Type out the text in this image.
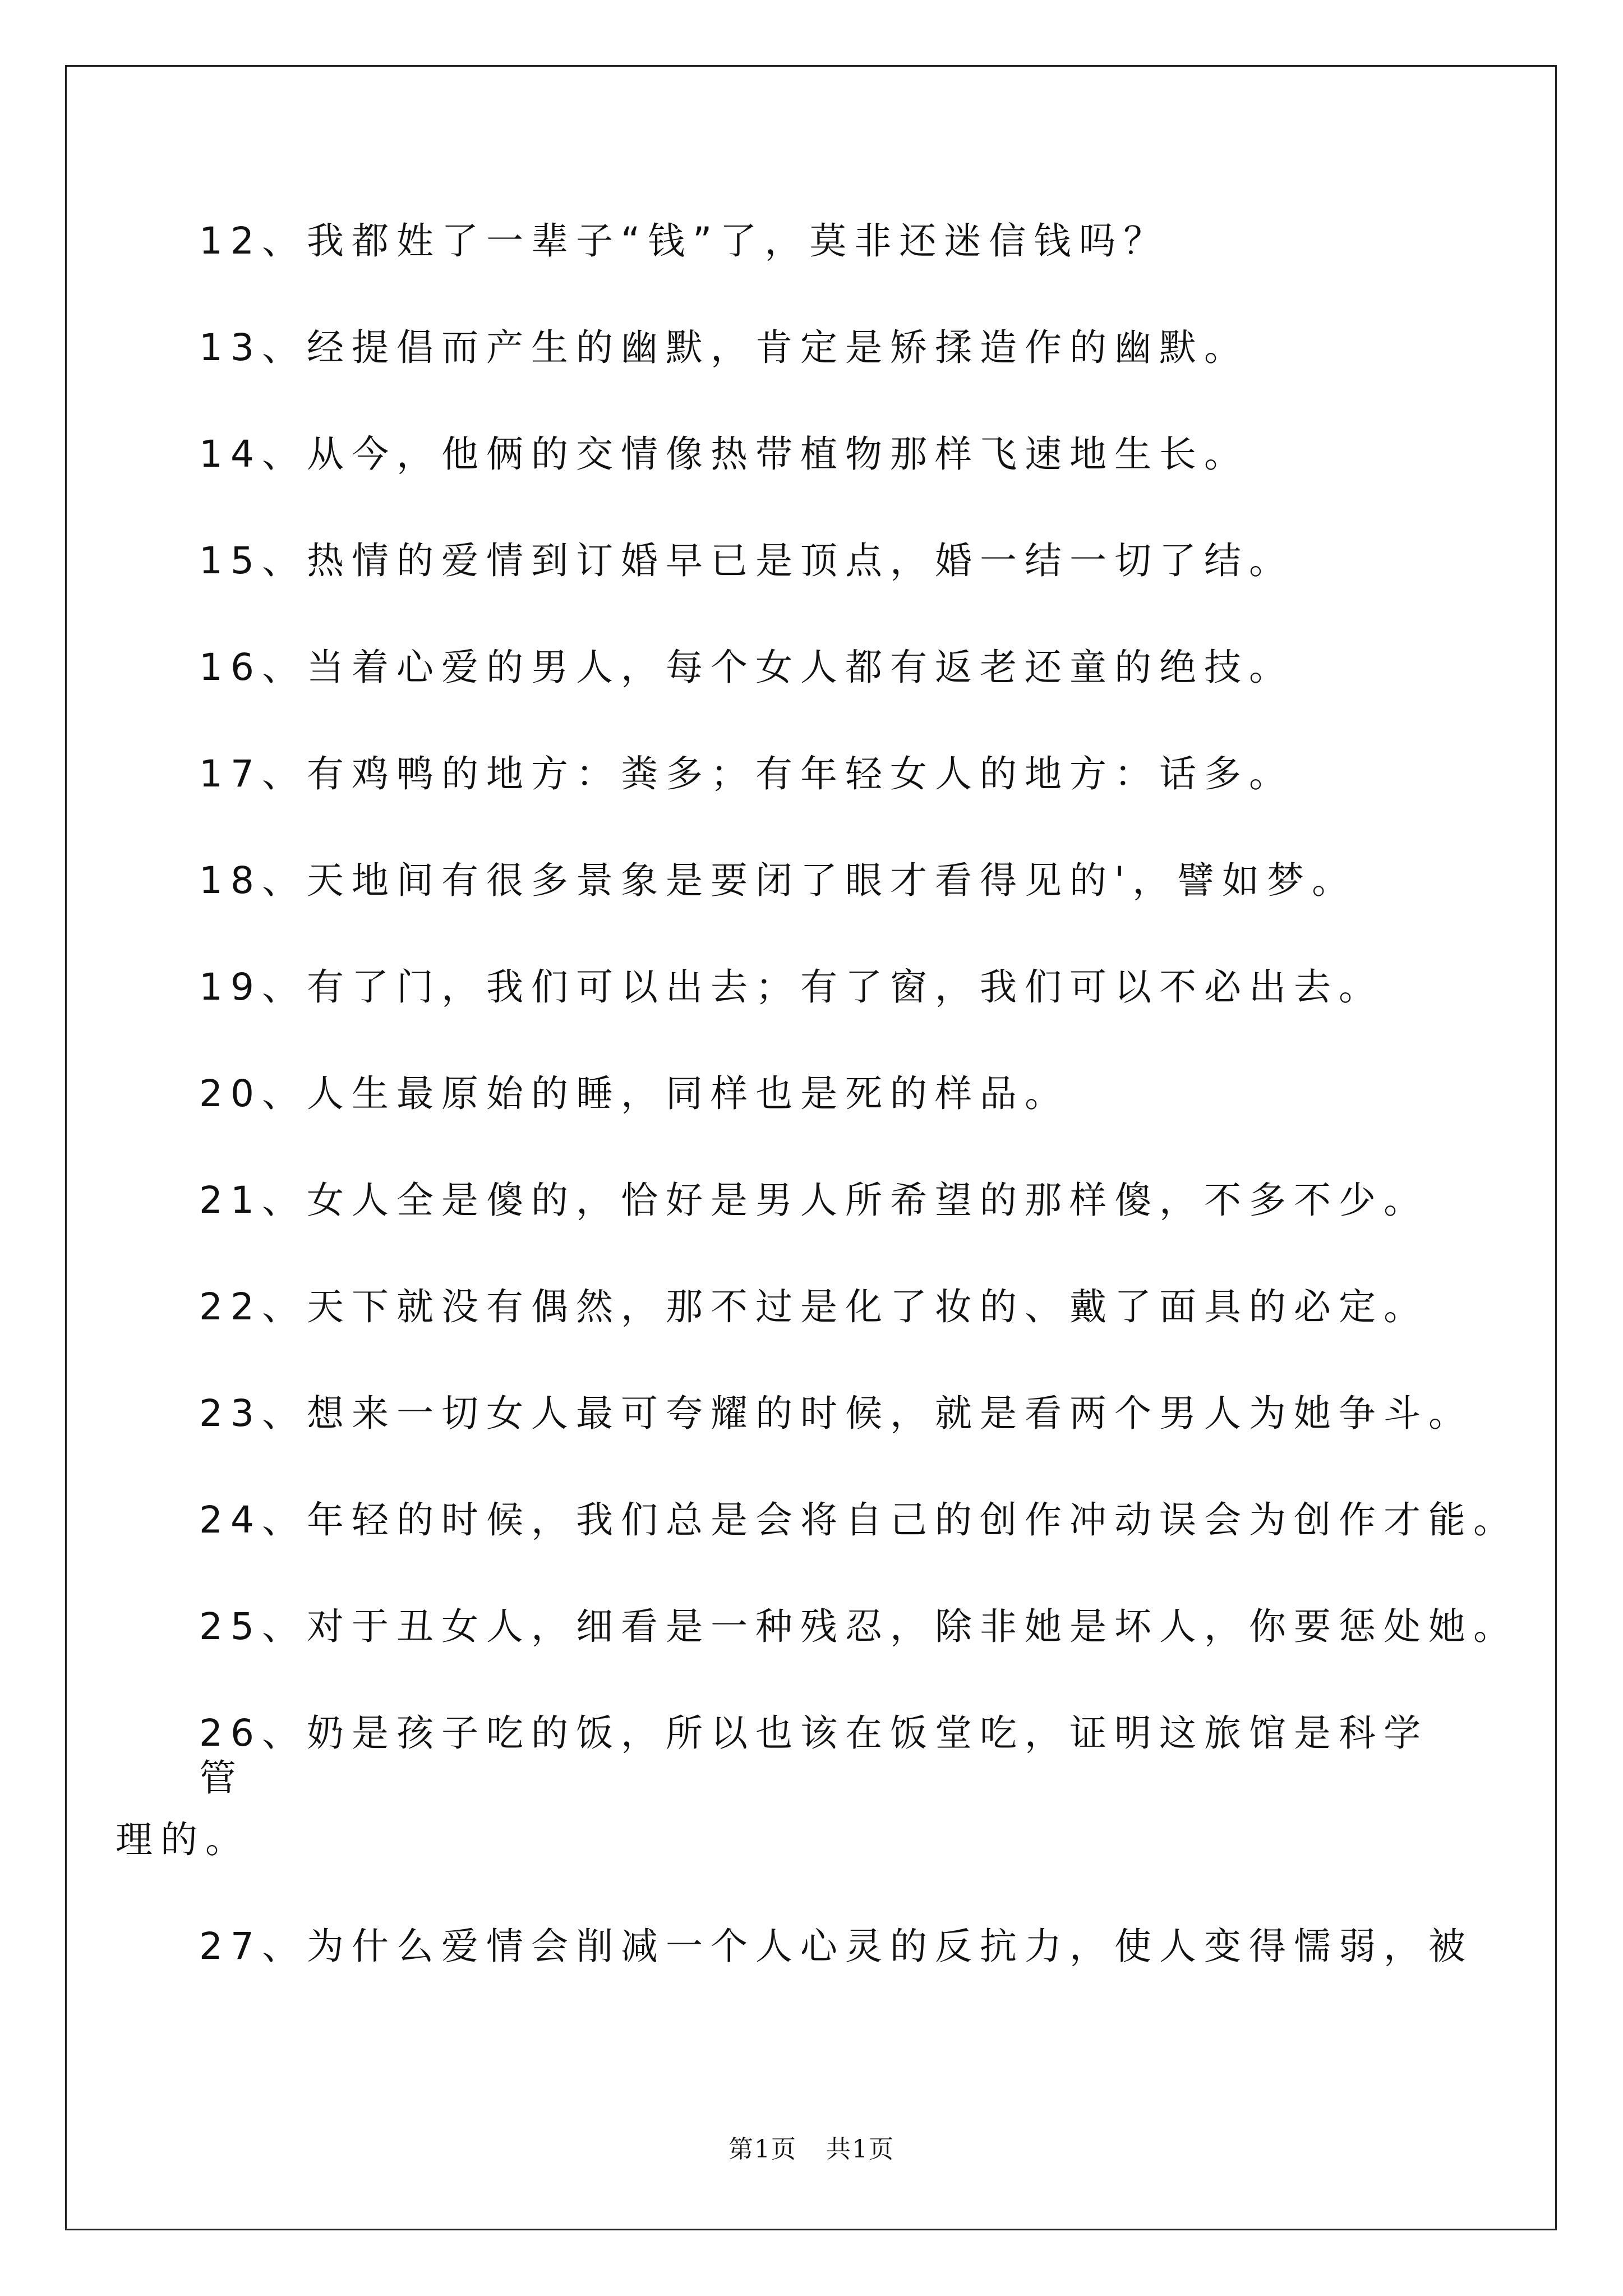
12、我都姓了一辈子“钱”了，莫非还迷信钱吗？
13、经提倡而产生的幽默，肯定是矫揉造作的幽默。
14、从今，他俩的交情像热带植物那样飞速地生长。
15、热情的爱情到订婚早已是顶点，婚一结一切了结。
16、当着心爱的男人，每个女人都有返老还童的绝技。
17、有鸡鸭的地方：粪多；有年轻女人的地方：话多。
18、天地间有很多景象是要闭了眼才看得见的'，譬如梦。
19、有了门，我们可以出去；有了窗，我们可以不必出去。
20、人生最原始的睡，同样也是死的样品。
21、女人全是傻的，恰好是男人所希望的那样傻，不多不少。
22、天下就没有偶然，那不过是化了妆的、戴了面具的必定。
23、想来一切女人最可夸耀的时候，就是看两个男人为她争斗。
24、年轻的时候，我们总是会将自己的创作冲动误会为创作才能。
25、对于丑女人，细看是一种残忍，除非她是坏人，你要惩处她。
26、奶是孩子吃的饭，所以也该在饭堂吃，证明这旅馆是科学管
理的。
27、为什么爱情会削减一个人心灵的反抗力，使人变得懦弱，被
第1页 共1页
